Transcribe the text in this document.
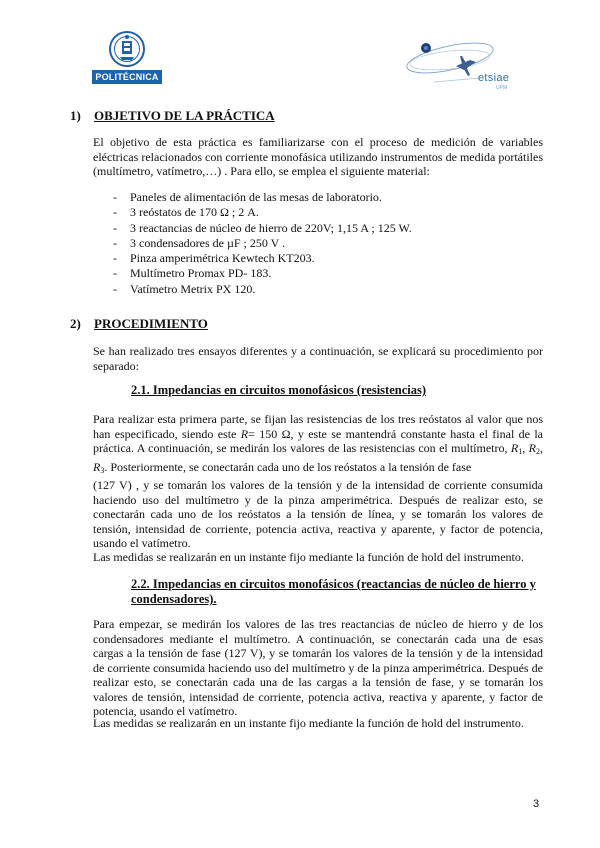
POLITÉCNICA	etsiae
UPM
1) OBJETIVO DE LA PRÁCTICA

El objetivo de esta práctica es familiarizarse con el proceso de medición de variables eléctricas relacionados con corriente monofásica utilizando instrumentos de medida portátiles (multímetro, vatímetro,…) . Para ello, se emplea el siguiente material:

- Paneles de alimentación de las mesas de laboratorio.
- 3 reóstatos de 170 Ω ; 2 A.
- 3 reactancias de núcleo de hierro de 220V; 1,15 A ; 125 W.
- 3 condensadores de µF ; 250 V .
- Pinza amperimétrica Kewtech KT203.
- Multímetro Promax PD- 183.
- Vatímetro Metrix PX 120.
2) PROCEDIMIENTO

Se han realizado tres ensayos diferentes y a continuación, se explicará su procedimiento por separado:

2.1. Impedancias en circuitos monofásicos (resistencias)

Para realizar esta primera parte, se fijan las resistencias de los tres reóstatos al valor que nos han especificado, siendo este R= 150 Ω, y este se mantendrá constante hasta el final de la práctica. A continuación, se medirán los valores de las resistencias con el multímetro, $R_1$, $R_2$, $R_3$. Posteriormente, se conectarán cada uno de los reóstatos a la tensión de fase

(127 V) , y se tomarán los valores de la tensión y de la intensidad de corriente consumida haciendo uso del multímetro y de la pinza amperimétrica. Después de realizar esto, se conectarán cada uno de los reóstatos a la tensión de línea, y se tomarán los valores de tensión, intensidad de corriente, potencia activa, reactiva y aparente, y factor de potencia, usando el vatímetro.

Las medidas se realizarán en un instante fijo mediante la función de hold del instrumento.

2.2. Impedancias en circuitos monofásicos (reactancias de núcleo de hierro y condensadores).

Para empezar, se medirán los valores de las tres reactancias de núcleo de hierro y de los condensadores mediante el multímetro. A continuación, se conectarán cada una de esas cargas a la tensión de fase (127 V), y se tomarán los valores de la tensión y de la intensidad de corriente consumida haciendo uso del multímetro y de la pinza amperimétrica. Después de realizar esto, se conectarán cada una de las cargas a la tensión de fase, y se tomarán los valores de tensión, intensidad de corriente, potencia activa, reactiva y aparente, y factor de potencia, usando el vatímetro.

Las medidas se realizarán en un instante fijo mediante la función de hold del instrumento.

3
